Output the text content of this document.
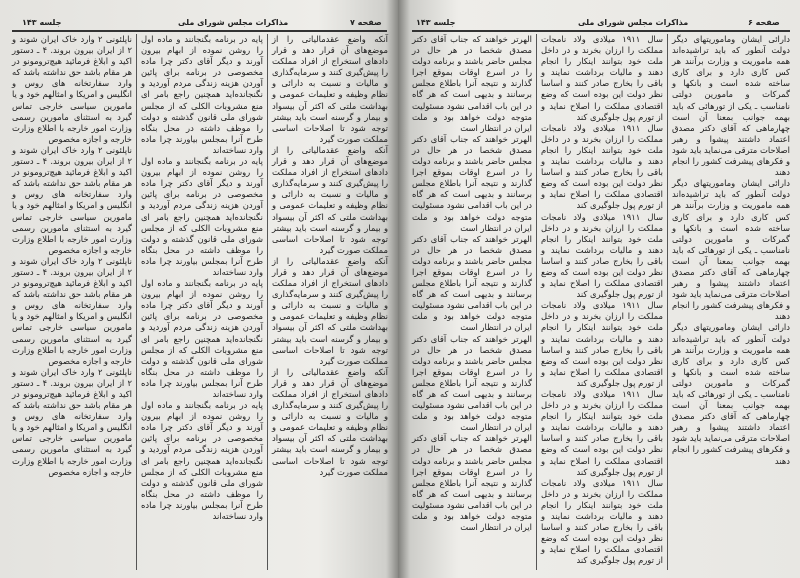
جلسه ۱۴۳	مذاکرات مجلس شورای ملی	صفحه ۷

ناپلئونی ۲ وارد خاک ایران شوند و ۲ از ایران بیرون بروند. ۴ ـ دستور اکید و ابلاغ فرمائید هیچ‌ترومونو در هر مقام باشد حق نداشته باشد که وارد سفارتخانه های روس و انگلیس و امریکا و امثالهم خود و یا مامورین سیاسی خارجی تماس گیرد به استثنای مامورین رسمی وزارت امور خارجه با اطلاع وزارت خارجه و اجازه مخصوص

ناپلئونی ۲ وارد خاک ایران شوند و ۲ از ایران بیرون بروند. ۴ ـ دستور اکید و ابلاغ فرمائید هیچ‌ترومونو در هر مقام باشد حق نداشته باشد که وارد سفارتخانه های روس و انگلیس و امریکا و امثالهم خود و یا مامورین سیاسی خارجی تماس گیرد به استثنای مامورین رسمی وزارت امور خارجه با اطلاع وزارت خارجه و اجازه مخصوص

ناپلئونی ۲ وارد خاک ایران شوند و ۲ از ایران بیرون بروند. ۴ ـ دستور اکید و ابلاغ فرمائید هیچ‌ترومونو در هر مقام باشد حق نداشته باشد که وارد سفارتخانه های روس و انگلیس و امریکا و امثالهم خود و یا مامورین سیاسی خارجی تماس گیرد به استثنای مامورین رسمی وزارت امور خارجه با اطلاع وزارت خارجه و اجازه مخصوص

ناپلئونی ۲ وارد خاک ایران شوند و ۲ از ایران بیرون بروند. ۴ ـ دستور اکید و ابلاغ فرمائید هیچ‌ترومونو در هر مقام باشد حق نداشته باشد که وارد سفارتخانه های روس و انگلیس و امریکا و امثالهم خود و یا مامورین سیاسی خارجی تماس گیرد به استثنای مامورین رسمی وزارت امور خارجه با اطلاع وزارت خارجه و اجازه مخصوص

پایه در برنامه بگنجانند و ماده اول را روشن نموده از ابهام بیرون آورند و دیگر آقای دکتر چرا ماده مخصوصی در برنامه برای پائین آوردن هزینه زندگی مردم آوردید و نگنجانده‌اید همچنین راجع بامر ای منع مشروبات الکلی که از مجلس شورای ملی قانون گذشته و دولت را موظف داشته در محل بنگاه طرح آنرا بمجلس بیاورند چرا ماده وارد نساخته‌اند

پایه در برنامه بگنجانند و ماده اول را روشن نموده از ابهام بیرون آورند و دیگر آقای دکتر چرا ماده مخصوصی در برنامه برای پائین آوردن هزینه زندگی مردم آوردید و نگنجانده‌اید همچنین راجع بامر ای منع مشروبات الکلی که از مجلس شورای ملی قانون گذشته و دولت را موظف داشته در محل بنگاه طرح آنرا بمجلس بیاورند چرا ماده وارد نساخته‌اند

پایه در برنامه بگنجانند و ماده اول را روشن نموده از ابهام بیرون آورند و دیگر آقای دکتر چرا ماده مخصوصی در برنامه برای پائین آوردن هزینه زندگی مردم آوردید و نگنجانده‌اید همچنین راجع بامر ای منع مشروبات الکلی که از مجلس شورای ملی قانون گذشته و دولت را موظف داشته در محل بنگاه طرح آنرا بمجلس بیاورند چرا ماده وارد نساخته‌اند

پایه در برنامه بگنجانند و ماده اول را روشن نموده از ابهام بیرون آورند و دیگر آقای دکتر چرا ماده مخصوصی در برنامه برای پائین آوردن هزینه زندگی مردم آوردید و نگنجانده‌اید همچنین راجع بامر ای منع مشروبات الکلی که از مجلس شورای ملی قانون گذشته و دولت را موظف داشته در محل بنگاه طرح آنرا بمجلس بیاورند چرا ماده وارد نساخته‌اند

آنکه واضع عقدمالیاتی را از موضع‌های آن قرار دهد و قرار دادهای استخراج از افراد مملکت را پیش‌گیری کنند و سرمایه‌گذاری و مالیات و نسبت به دارائی و نظام وظیفه و تعلیمات عمومی و بهداشت ملتی که اکثر آن بیسواد و بیمار و گرسنه است باید بیشتر توجه شود تا اصلاحات اساسی مملکت صورت گیرد

آنکه واضع عقدمالیاتی را از موضع‌های آن قرار دهد و قرار دادهای استخراج از افراد مملکت را پیش‌گیری کنند و سرمایه‌گذاری و مالیات و نسبت به دارائی و نظام وظیفه و تعلیمات عمومی و بهداشت ملتی که اکثر آن بیسواد و بیمار و گرسنه است باید بیشتر توجه شود تا اصلاحات اساسی مملکت صورت گیرد

آنکه واضع عقدمالیاتی را از موضع‌های آن قرار دهد و قرار دادهای استخراج از افراد مملکت را پیش‌گیری کنند و سرمایه‌گذاری و مالیات و نسبت به دارائی و نظام وظیفه و تعلیمات عمومی و بهداشت ملتی که اکثر آن بیسواد و بیمار و گرسنه است باید بیشتر توجه شود تا اصلاحات اساسی مملکت صورت گیرد

آنکه واضع عقدمالیاتی را از موضع‌های آن قرار دهد و قرار دادهای استخراج از افراد مملکت را پیش‌گیری کنند و سرمایه‌گذاری و مالیات و نسبت به دارائی و نظام وظیفه و تعلیمات عمومی و بهداشت ملتی که اکثر آن بیسواد و بیمار و گرسنه است باید بیشتر توجه شود تا اصلاحات اساسی مملکت صورت گیرد

جلسه ۱۴۳	مذاکرات مجلس شورای ملی	صفحه ۶

الهرتر خواهند که جناب آقای دکتر مصدق شخصا در هر حال در مجلس حاضر باشند و برنامه دولت را در اسرع اوقات بموقع اجرا گذارند و نتیجه آنرا باطلاع مجلس برسانند و بدیهی است که هر گاه در این باب اقدامی نشود مسئولیت متوجه دولت خواهد بود و ملت ایران در انتظار است

الهرتر خواهند که جناب آقای دکتر مصدق شخصا در هر حال در مجلس حاضر باشند و برنامه دولت را در اسرع اوقات بموقع اجرا گذارند و نتیجه آنرا باطلاع مجلس برسانند و بدیهی است که هر گاه در این باب اقدامی نشود مسئولیت متوجه دولت خواهد بود و ملت ایران در انتظار است

الهرتر خواهند که جناب آقای دکتر مصدق شخصا در هر حال در مجلس حاضر باشند و برنامه دولت را در اسرع اوقات بموقع اجرا گذارند و نتیجه آنرا باطلاع مجلس برسانند و بدیهی است که هر گاه در این باب اقدامی نشود مسئولیت متوجه دولت خواهد بود و ملت ایران در انتظار است

الهرتر خواهند که جناب آقای دکتر مصدق شخصا در هر حال در مجلس حاضر باشند و برنامه دولت را در اسرع اوقات بموقع اجرا گذارند و نتیجه آنرا باطلاع مجلس برسانند و بدیهی است که هر گاه در این باب اقدامی نشود مسئولیت متوجه دولت خواهد بود و ملت ایران در انتظار است

الهرتر خواهند که جناب آقای دکتر مصدق شخصا در هر حال در مجلس حاضر باشند و برنامه دولت را در اسرع اوقات بموقع اجرا گذارند و نتیجه آنرا باطلاع مجلس برسانند و بدیهی است که هر گاه در این باب اقدامی نشود مسئولیت متوجه دولت خواهد بود و ملت ایران در انتظار است

سال ۱۹۱۱ میلادی ولاد نامجات مملکت را ارزان بخرند و در داخل ملت خود بتوانند اینکار را انجام دهند و مالیات برداشت نمایند و باقی را بخارج صادر کنند و اساسا نظر دولت این بوده است که وضع اقتصادی مملکت را اصلاح نماید و از تورم پول جلوگیری کند

سال ۱۹۱۱ میلادی ولاد نامجات مملکت را ارزان بخرند و در داخل ملت خود بتوانند اینکار را انجام دهند و مالیات برداشت نمایند و باقی را بخارج صادر کنند و اساسا نظر دولت این بوده است که وضع اقتصادی مملکت را اصلاح نماید و از تورم پول جلوگیری کند

سال ۱۹۱۱ میلادی ولاد نامجات مملکت را ارزان بخرند و در داخل ملت خود بتوانند اینکار را انجام دهند و مالیات برداشت نمایند و باقی را بخارج صادر کنند و اساسا نظر دولت این بوده است که وضع اقتصادی مملکت را اصلاح نماید و از تورم پول جلوگیری کند

سال ۱۹۱۱ میلادی ولاد نامجات مملکت را ارزان بخرند و در داخل ملت خود بتوانند اینکار را انجام دهند و مالیات برداشت نمایند و باقی را بخارج صادر کنند و اساسا نظر دولت این بوده است که وضع اقتصادی مملکت را اصلاح نماید و از تورم پول جلوگیری کند

سال ۱۹۱۱ میلادی ولاد نامجات مملکت را ارزان بخرند و در داخل ملت خود بتوانند اینکار را انجام دهند و مالیات برداشت نمایند و باقی را بخارج صادر کنند و اساسا نظر دولت این بوده است که وضع اقتصادی مملکت را اصلاح نماید و از تورم پول جلوگیری کند

سال ۱۹۱۱ میلادی ولاد نامجات مملکت را ارزان بخرند و در داخل ملت خود بتوانند اینکار را انجام دهند و مالیات برداشت نمایند و باقی را بخارج صادر کنند و اساسا نظر دولت این بوده است که وضع اقتصادی مملکت را اصلاح نماید و از تورم پول جلوگیری کند

دارائی ایشان وماموریتهای دیگر دولت آنطور که باید تراشیده‌اند همه ماموریت و وزارت برآنند هر کس کاری دارد و برای کاری ساخته شده است و بانکها و گمرکات و مامورین دولتی نامناسب ـ یکی از تورهائی که باید بهمه جوانب بمعنا آن است چهارماهی که آقای دکتر مصدق اعتماد داشتند پیشوا و رهبر اصلاحات مترقی می‌نماید باید شود و فکرهای پیشرفت کشور را انجام دهند

دارائی ایشان وماموریتهای دیگر دولت آنطور که باید تراشیده‌اند همه ماموریت و وزارت برآنند هر کس کاری دارد و برای کاری ساخته شده است و بانکها و گمرکات و مامورین دولتی نامناسب ـ یکی از تورهائی که باید بهمه جوانب بمعنا آن است چهارماهی که آقای دکتر مصدق اعتماد داشتند پیشوا و رهبر اصلاحات مترقی می‌نماید باید شود و فکرهای پیشرفت کشور را انجام دهند

دارائی ایشان وماموریتهای دیگر دولت آنطور که باید تراشیده‌اند همه ماموریت و وزارت برآنند هر کس کاری دارد و برای کاری ساخته شده است و بانکها و گمرکات و مامورین دولتی نامناسب ـ یکی از تورهائی که باید بهمه جوانب بمعنا آن است چهارماهی که آقای دکتر مصدق اعتماد داشتند پیشوا و رهبر اصلاحات مترقی می‌نماید باید شود و فکرهای پیشرفت کشور را انجام دهند
